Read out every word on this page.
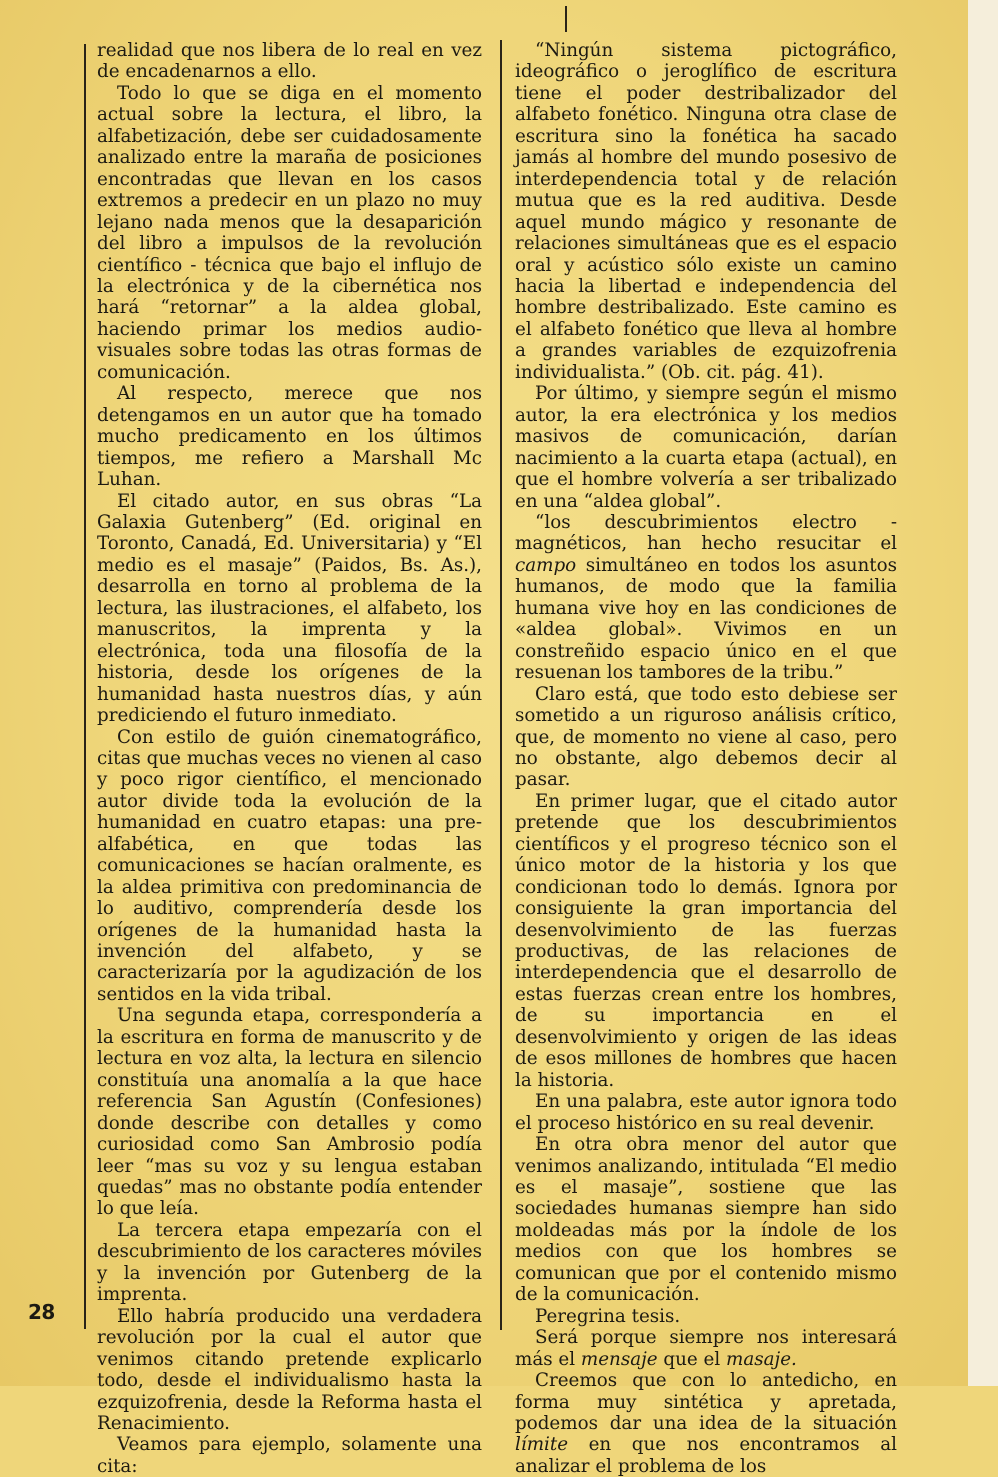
realidad que nos libera de lo real en vez de encadenarnos a ello.

Todo lo que se diga en el momento actual sobre la lectura, el libro, la alfabetización, debe ser cuidadosamente analizado entre la maraña de posiciones encontradas que llevan en los casos extremos a predecir en un plazo no muy lejano nada menos que la desaparición del libro a impulsos de la revolución científico - técnica que bajo el influjo de la electrónica y de la cibernética nos hará “retornar” a la aldea global, haciendo primar los medios audio-visuales sobre todas las otras formas de comunicación.

Al respecto, merece que nos detengamos en un autor que ha tomado mucho predicamento en los últimos tiempos, me refiero a Marshall Mc Luhan.

El citado autor, en sus obras “La Galaxia Gutenberg” (Ed. original en Toronto, Canadá, Ed. Universitaria) y “El medio es el masaje” (Paidos, Bs. As.), desarrolla en torno al problema de la lectura, las ilustraciones, el alfabeto, los manuscritos, la imprenta y la electrónica, toda una filosofía de la historia, desde los orígenes de la humanidad hasta nuestros días, y aún prediciendo el futuro inmediato.

Con estilo de guión cinematográfico, citas que muchas veces no vienen al caso y poco rigor científico, el mencionado autor divide toda la evolución de la humanidad en cuatro etapas: una pre-alfabética, en que todas las comunicaciones se hacían oralmente, es la aldea primitiva con predominancia de lo auditivo, comprendería desde los orígenes de la humanidad hasta la invención del alfabeto, y se caracterizaría por la agudización de los sentidos en la vida tribal.

Una segunda etapa, correspondería a la escritura en forma de manuscrito y de lectura en voz alta, la lectura en silencio constituía una anomalía a la que hace referencia San Agustín (Confesiones) donde describe con detalles y como curiosidad como San Ambrosio podía leer “mas su voz y su lengua estaban quedas” mas no obstante podía entender lo que leía.

La tercera etapa empezaría con el descubrimiento de los caracteres móviles y la invención por Gutenberg de la imprenta.

Ello habría producido una verdadera revolución por la cual el autor que venimos citando pretende explicarlo todo, desde el individualismo hasta la ezquizofrenia, desde la Reforma hasta el Renacimiento.

Veamos para ejemplo, solamente una cita:

“Ningún sistema pictográfico, ideográfico o jeroglífico de escritura tiene el poder destribalizador del alfabeto fonético. Ninguna otra clase de escritura sino la fonética ha sacado jamás al hombre del mundo posesivo de interdependencia total y de relación mutua que es la red auditiva. Desde aquel mundo mágico y resonante de relaciones simultáneas que es el espacio oral y acústico sólo existe un camino hacia la libertad e independencia del hombre destribalizado. Este camino es el alfabeto fonético que lleva al hombre a grandes variables de ezquizofrenia individualista.” (Ob. cit. pág. 41).

Por último, y siempre según el mismo autor, la era electrónica y los medios masivos de comunicación, darían nacimiento a la cuarta etapa (actual), en que el hombre volvería a ser tribalizado en una “aldea global”.

“los descubrimientos electro - magnéticos, han hecho resucitar el campo simultáneo en todos los asuntos humanos, de modo que la familia humana vive hoy en las condiciones de «aldea global». Vivimos en un constreñido espacio único en el que resuenan los tambores de la tribu.”

Claro está, que todo esto debiese ser sometido a un riguroso análisis crítico, que, de momento no viene al caso, pero no obstante, algo debemos decir al pasar.

En primer lugar, que el citado autor pretende que los descubrimientos científicos y el progreso técnico son el único motor de la historia y los que condicionan todo lo demás. Ignora por consiguiente la gran importancia del desenvolvimiento de las fuerzas productivas, de las relaciones de interdependencia que el desarrollo de estas fuerzas crean entre los hombres, de su importancia en el desenvolvimiento y origen de las ideas de esos millones de hombres que hacen la historia.

En una palabra, este autor ignora todo el proceso histórico en su real devenir.

En otra obra menor del autor que venimos analizando, intitulada “El medio es el masaje”, sostiene que las sociedades humanas siempre han sido moldeadas más por la índole de los medios con que los hombres se comunican que por el contenido mismo de la comunicación.

Peregrina tesis.

Será porque siempre nos interesará más el mensaje que el masaje.

Creemos que con lo antedicho, en forma muy sintética y apretada, podemos dar una idea de la situación límite en que nos encontramos al analizar el problema de los

28
